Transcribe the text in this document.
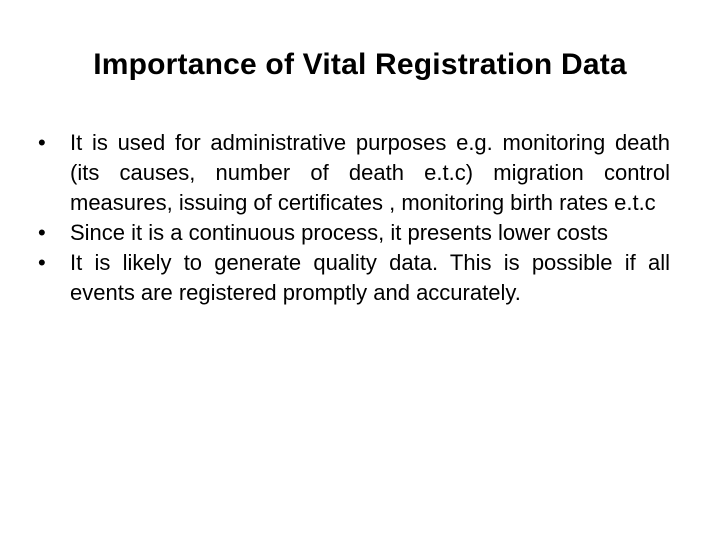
Importance of Vital Registration Data
•	It is used for administrative purposes e.g. monitoring death (its causes, number of death e.t.c) migration control measures, issuing of certificates , monitoring birth rates e.t.c
•	Since it is a continuous process, it presents lower costs
•	It is likely to generate quality data. This is possible if all events are registered promptly and accurately.
